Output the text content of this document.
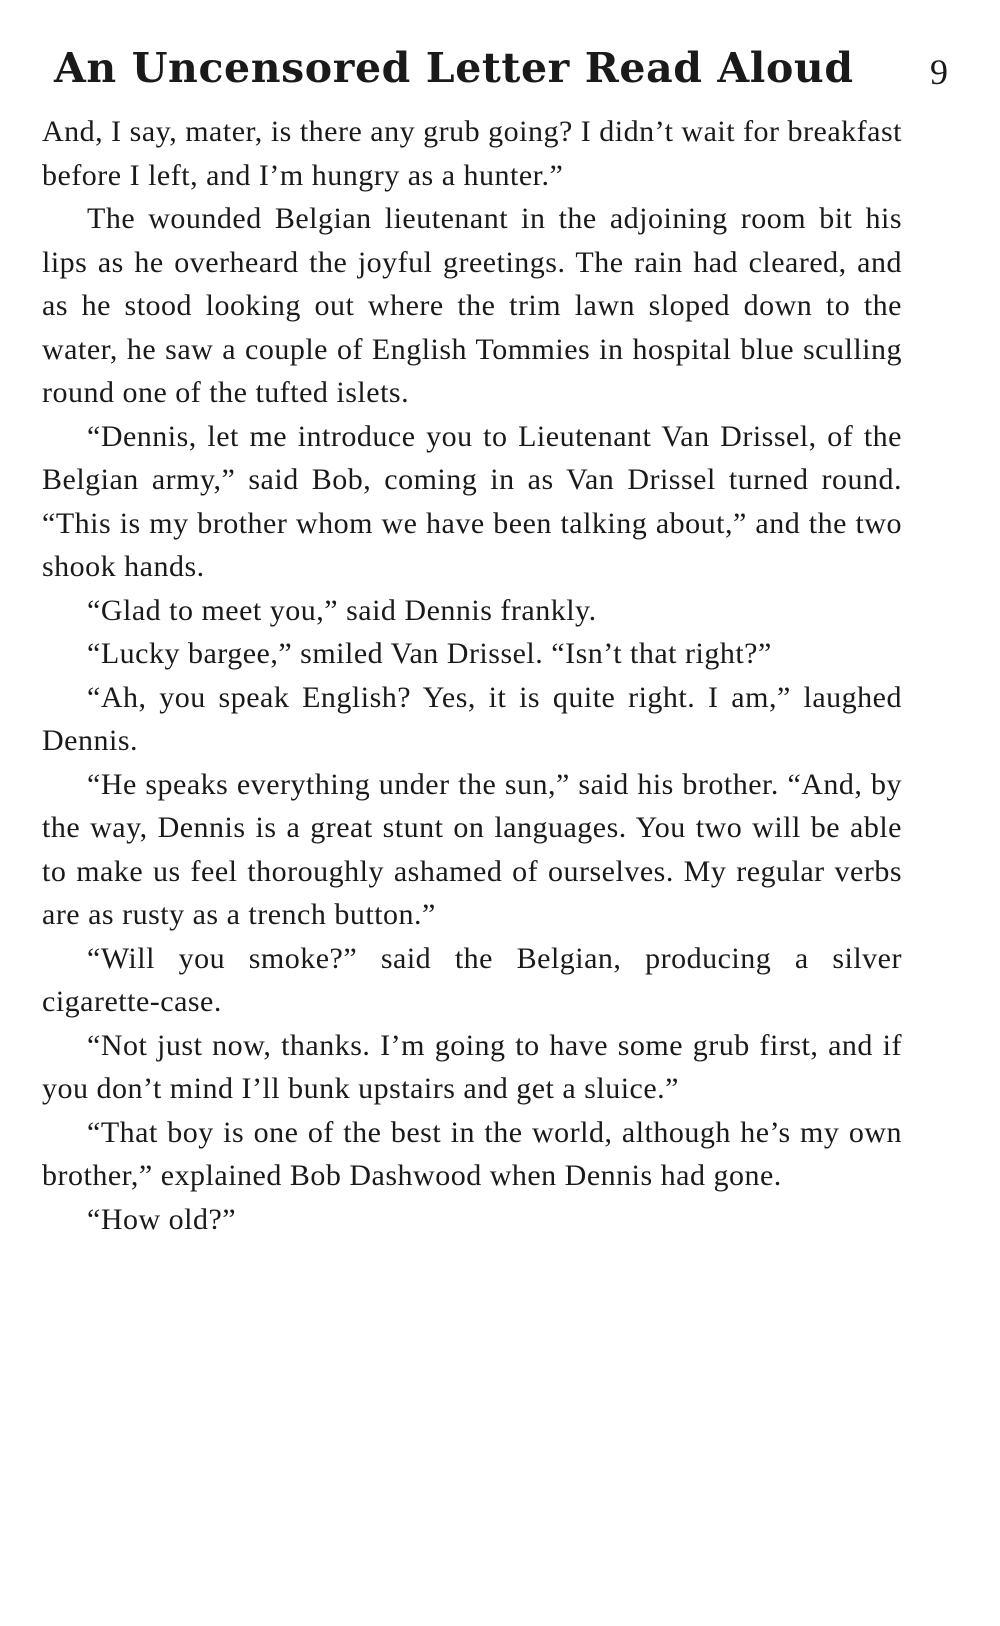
An Uncensored Letter Read Aloud 9

And, I say, mater, is there any grub going? I didn’t wait for breakfast before I left, and I’m hungry as a hunter.”

The wounded Belgian lieutenant in the adjoining room bit his lips as he overheard the joyful greetings. The rain had cleared, and as he stood looking out where the trim lawn sloped down to the water, he saw a couple of English Tommies in hospital blue sculling round one of the tufted islets.

“Dennis, let me introduce you to Lieutenant Van Drissel, of the Belgian army,” said Bob, coming in as Van Drissel turned round. “This is my brother whom we have been talking about,” and the two shook hands.

“Glad to meet you,” said Dennis frankly.

“Lucky bargee,” smiled Van Drissel. “Isn’t that right?”

“Ah, you speak English? Yes, it is quite right. I am,” laughed Dennis.

“He speaks everything under the sun,” said his brother. “And, by the way, Dennis is a great stunt on languages. You two will be able to make us feel thoroughly ashamed of ourselves. My regular verbs are as rusty as a trench button.”

“Will you smoke?” said the Belgian, producing a silver cigarette-case.

“Not just now, thanks. I’m going to have some grub first, and if you don’t mind I’ll bunk upstairs and get a sluice.”

“That boy is one of the best in the world, although he’s my own brother,” explained Bob Dashwood when Dennis had gone.

“How old?”
